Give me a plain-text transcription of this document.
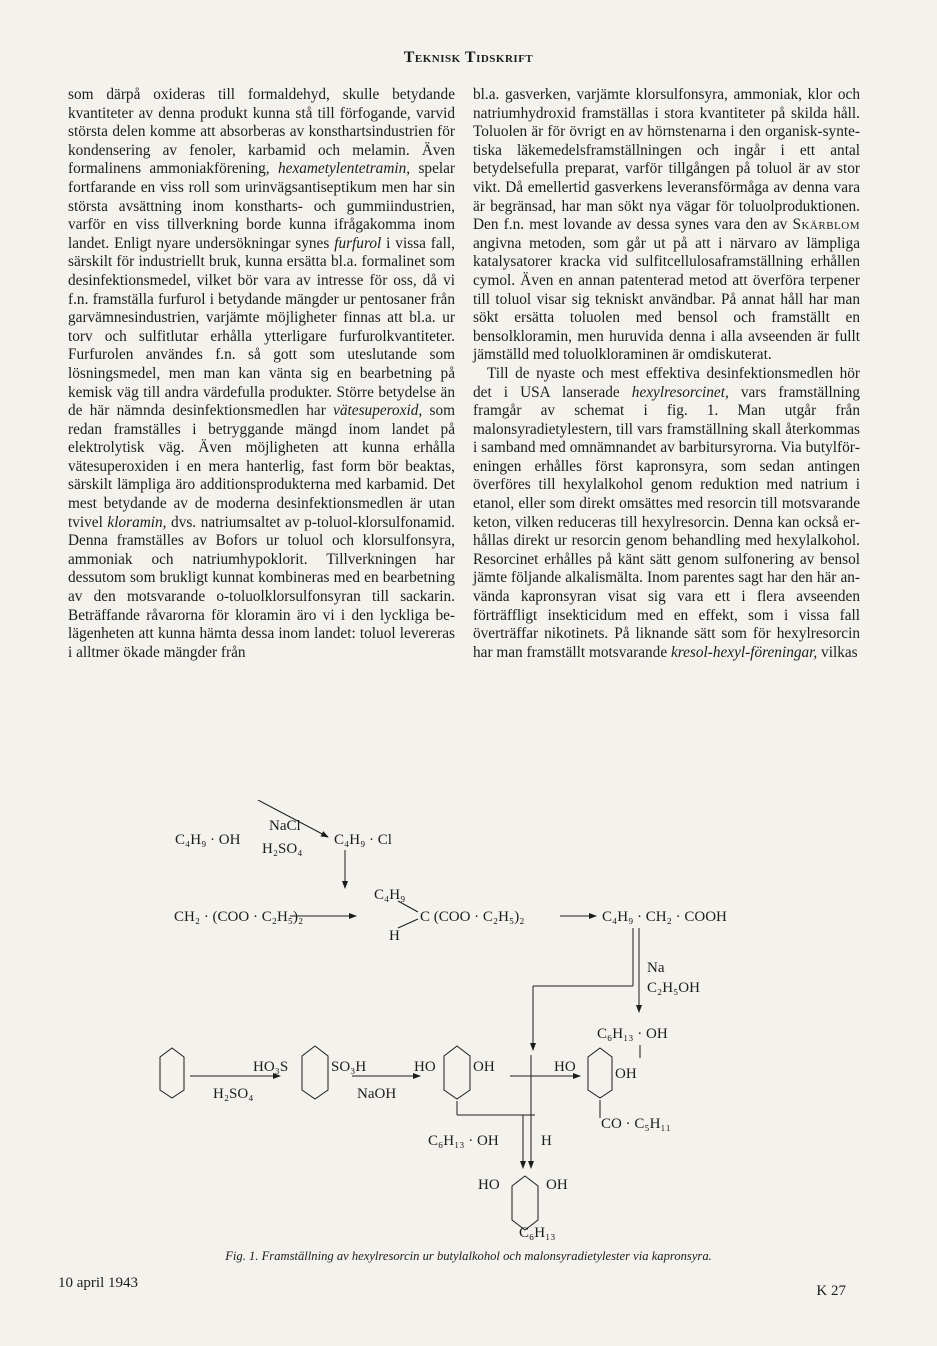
Teknisk Tidskrift

som därpå oxideras till formaldehyd, skulle betydande kvantiteter av denna produkt kunna stå till förfogande, varvid största delen komme att absorberas av konsthartsindustrien för kondensering av fenoler, karbamid och melamin. Även formalinens ammoniakförening, hexametylentetramin, spelar fortfarande en viss roll som urinvägsantiseptikum men har sin största avsättning inom konstharts- och gummiindustrien, varför en viss tillverkning borde kunna ifrågakomma inom landet. Enligt nyare undersökningar synes furfurol i vissa fall, särskilt för industriellt bruk, kunna ersätta bl.a. formalinet som desinfektionsmedel, vilket bör vara av intresse för oss, då vi f.n. framställa furfurol i betydande mängder ur pentosaner från garvämnesindustrien, varjämte möjligheter finnas att bl.a. ur torv och sulfitlutar erhålla ytterligare furfurolkvantiteter. Furfurolen användes f.n. så gott som uteslutande som lösningsmedel, men man kan vänta sig en bearbetning på kemisk väg till andra värdefulla produkter. Större betydelse än de här nämnda desinfektionsmedlen har vätesuperoxid, som redan framställes i betryggande mängd inom landet på elektrolytisk väg. Även möjligheten att kunna erhålla vätesuperoxiden i en mera hanterlig, fast form bör beaktas, särskilt lämpliga äro additionsprodukterna med karbamid. Det mest betydande av de moderna desinfektionsmedlen är utan tvivel kloramin, dvs. natriumsaltet av p-toluol-klorsulfonamid. Denna framställes av Bofors ur toluol och klorsulfonsyra, ammoniak och natriumhypoklorit. Tillverkningen har dessutom som brukligt kunnat kombineras med en bearbetning av den motsvarande o-toluolklorsulfonsyran till sackarin. Beträffande råvarorna för kloramin äro vi i den lyckliga belägenheten att kunna hämta dessa inom landet: toluol levereras i alltmer ökade mängder från

bl.a. gasverken, varjämte klorsulfonsyra, ammoniak, klor och natriumhydroxid framställas i stora kvantiteter på skilda håll. Toluolen är för övrigt en av hörnstenarna i den organisk-syntetiska läkemedelsframställningen och ingår i ett antal betydelsefulla preparat, varför tillgången på toluol är av stor vikt. Då emellertid gasverkens leveransförmåga av denna vara är begränsad, har man sökt nya vägar för toluolproduktionen. Den f.n. mest lovande av dessa synes vara den av Skärblom angivna metoden, som går ut på att i närvaro av lämpliga katalysatorer kracka vid sulfitcellulosaframställning erhållen cymol. Även en annan patenterad metod att överföra terpener till toluol visar sig tekniskt användbar. På annat håll har man sökt ersätta toluolen med bensol och framställt en bensolkloramin, men huruvida denna i alla avseenden är fullt jämställd med toluolkloraminen är omdiskuterat.

Till de nyaste och mest effektiva desinfektionsmedlen hör det i USA lanserade hexylresorcinet, vars framställning framgår av schemat i fig. 1. Man utgår från malonsyradietylestern, till vars framställning skall återkommas i samband med omnämnandet av barbitursyrorna. Via butylföreningen erhålles först kapronsyra, som sedan antingen överföres till hexylalkohol genom reduktion med natrium i etanol, eller som direkt omsättes med resorcin till motsvarande keton, vilken reduceras till hexylresorcin. Denna kan också erhållas direkt ur resorcin genom behandling med hexylalkohol. Resorcinet erhålles på känt sätt genom sulfonering av bensol jämte följande alkalismälta. Inom parentes sagt har den här använda kapronsyran visat sig vara ett i flera avseenden förträffligt insekticidum med en effekt, som i vissa fall överträffar nikotinets. På liknande sätt som för hexylresorcin har man framställt motsvarande kresol-hexyl-föreningar, vilkas

C₄H₉ · OH
NaCl
H₂SO₄
C₄H₉ · Cl
CH₂ · (COO · C₂H₅)₂
C₄H₉
H
C (COO · C₂H₅)₂	C₄H₉ · CH₂ · COOH
Na
C₂H₅OH
C₆H₁₃ · OH
HO₃S	SO₃H
H₂SO₄	NaOH
HO OH	HO	OH
CO · C₅H₁₁
C₆H₁₃ · OH	H
HO	OH
C₆H₁₃
Fig. 1. Framställning av hexylresorcin ur butylalkohol och malonsyradietylester via kapronsyra.
10 april 1943	K 27
